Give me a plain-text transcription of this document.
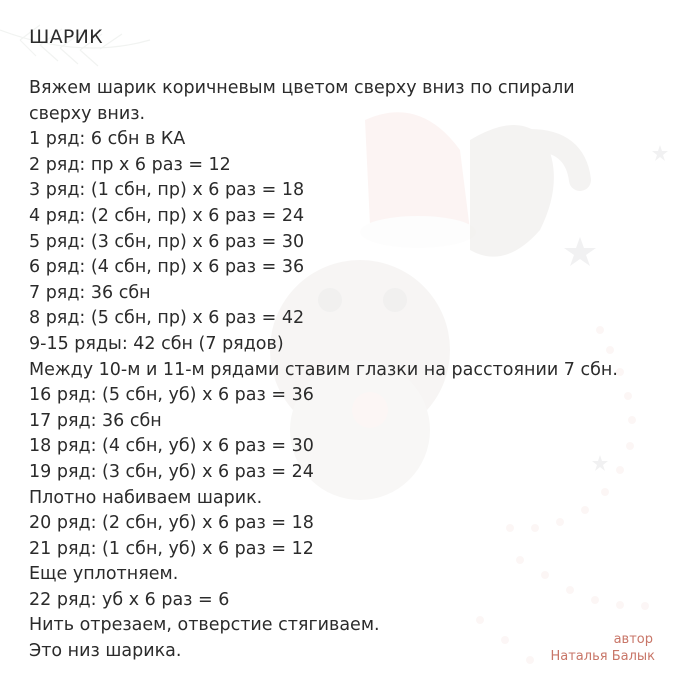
ШАРИК

Вяжем шарик коричневым цветом сверху вниз по спирали

сверху вниз.

1 ряд: 6 сбн в КА

2 ряд: пр х 6 раз = 12

3 ряд: (1 сбн, пр) х 6 раз = 18

4 ряд: (2 сбн, пр) х 6 раз = 24

5 ряд: (3 сбн, пр) х 6 раз = 30

6 ряд: (4 сбн, пр) х 6 раз = 36

7 ряд: 36 сбн

8 ряд: (5 сбн, пр) х 6 раз = 42

9-15 ряды: 42 сбн (7 рядов)

Между 10-м и 11-м рядами ставим глазки на расстоянии 7 сбн.

16 ряд: (5 сбн, уб) х 6 раз = 36

17 ряд: 36 сбн

18 ряд: (4 сбн, уб) х 6 раз = 30

19 ряд: (3 сбн, уб) х 6 раз = 24

Плотно набиваем шарик.

20 ряд: (2 сбн, уб) х 6 раз = 18

21 ряд: (1 сбн, уб) х 6 раз = 12

Еще уплотняем.

22 ряд: уб х 6 раз = 6

Нить отрезаем, отверстие стягиваем.

Это низ шарика.

автор
Наталья Балык
